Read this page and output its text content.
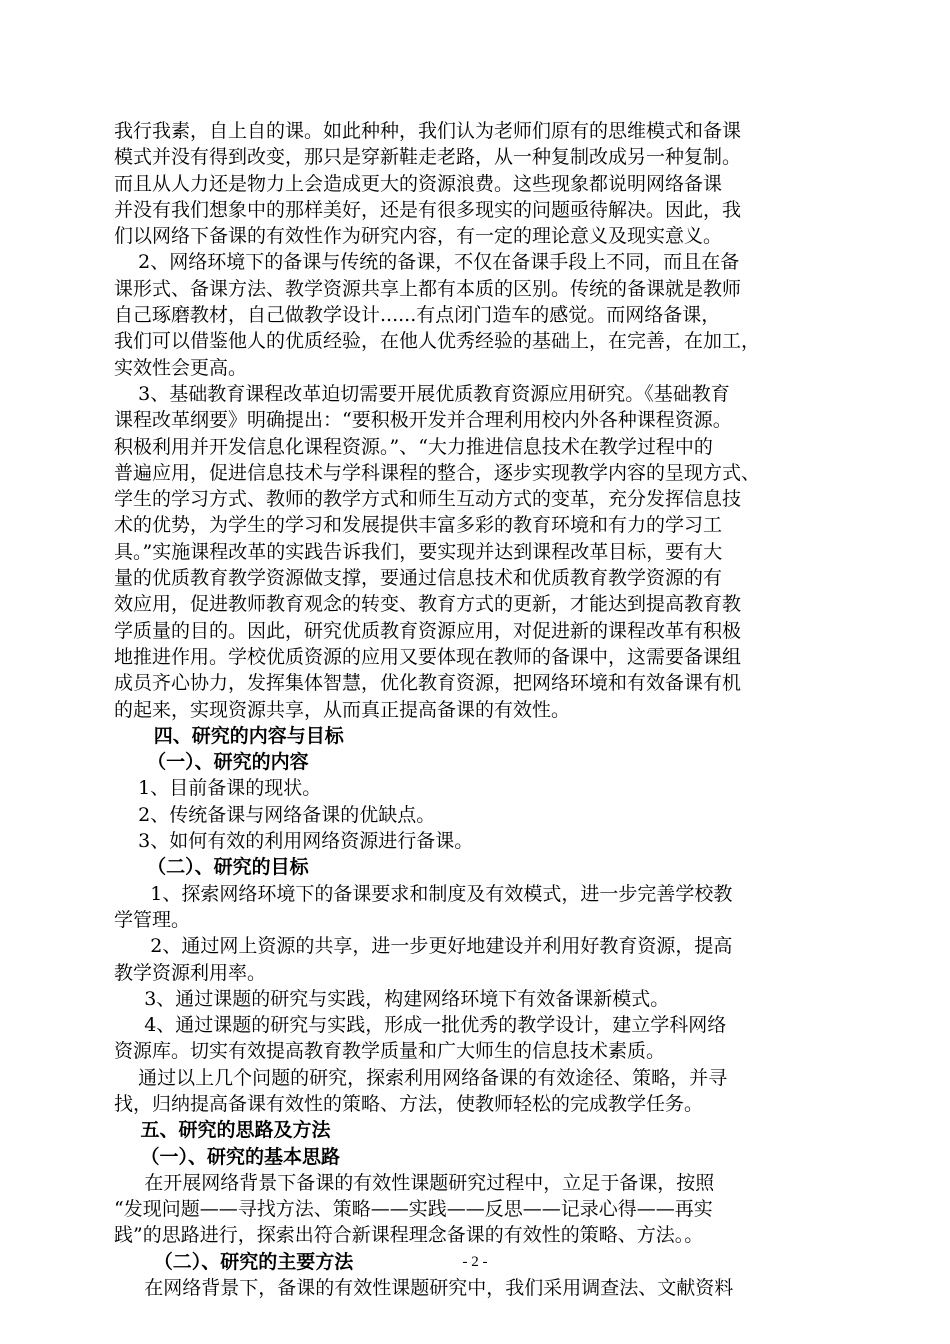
我行我素，自上自的课。如此种种，我们认为老师们原有的思维模式和备课
模式并没有得到改变，那只是穿新鞋走老路，从一种复制改成另一种复制。
而且从人力还是物力上会造成更大的资源浪费。这些现象都说明网络备课
并没有我们想象中的那样美好，还是有很多现实的问题亟待解决。因此，我
们以网络下备课的有效性作为研究内容，有一定的理论意义及现实意义。
2、网络环境下的备课与传统的备课，不仅在备课手段上不同，而且在备
课形式、备课方法、教学资源共享上都有本质的区别。传统的备课就是教师
自己琢磨教材，自己做教学设计......有点闭门造车的感觉。而网络备课，
我们可以借鉴他人的优质经验，在他人优秀经验的基础上，在完善，在加工，
实效性会更高。
3、基础教育课程改革迫切需要开展优质教育资源应用研究。《基础教育
课程改革纲要》明确提出：“要积极开发并合理利用校内外各种课程资源。
积极利用并开发信息化课程资源。”、“大力推进信息技术在教学过程中的
普遍应用，促进信息技术与学科课程的整合，逐步实现教学内容的呈现方式、
学生的学习方式、教师的教学方式和师生互动方式的变革，充分发挥信息技
术的优势，为学生的学习和发展提供丰富多彩的教育环境和有力的学习工
具。”实施课程改革的实践告诉我们，要实现并达到课程改革目标，要有大
量的优质教育教学资源做支撑，要通过信息技术和优质教育教学资源的有
效应用，促进教师教育观念的转变、教育方式的更新，才能达到提高教育教
学质量的目的。因此，研究优质教育资源应用，对促进新的课程改革有积极
地推进作用。学校优质资源的应用又要体现在教师的备课中，这需要备课组
成员齐心协力，发挥集体智慧，优化教育资源，把网络环境和有效备课有机
的起来，实现资源共享，从而真正提高备课的有效性。
四、研究的内容与目标
（一）、研究的内容
1、目前备课的现状。
2、传统备课与网络备课的优缺点。
3、如何有效的利用网络资源进行备课。
（二）、研究的目标
1、探索网络环境下的备课要求和制度及有效模式，进一步完善学校教
学管理。
2、通过网上资源的共享，进一步更好地建设并利用好教育资源，提高
教学资源利用率。
3、通过课题的研究与实践，构建网络环境下有效备课新模式。
4、通过课题的研究与实践，形成一批优秀的教学设计，建立学科网络
资源库。切实有效提高教育教学质量和广大师生的信息技术素质。
通过以上几个问题的研究，探索利用网络备课的有效途径、策略，并寻
找，归纳提高备课有效性的策略、方法，使教师轻松的完成教学任务。
五、研究的思路及方法
（一）、研究的基本思路
在开展网络背景下备课的有效性课题研究过程中，立足于备课，按照
“发现问题——寻找方法、策略——实践——反思——记录心得——再实
践”的思路进行，探索出符合新课程理念备课的有效性的策略、方法。。
（二）、研究的主要方法
在网络背景下，备课的有效性课题研究中，我们采用调查法、文献资料
- 2 -
